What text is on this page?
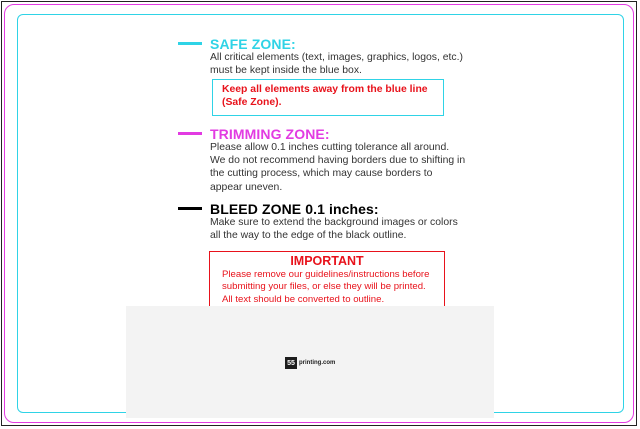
SAFE ZONE:
All critical elements (text, images, graphics, logos, etc.)
must be kept inside the blue box.
Keep all elements away from the blue line
(Safe Zone).
TRIMMING ZONE:
Please allow 0.1 inches cutting tolerance all around.
We do not recommend having borders due to shifting in
the cutting process, which may cause borders to
appear uneven.
BLEED ZONE 0.1 inches:
Make sure to extend the background images or colors
all the way to the edge of the black outline.
IMPORTANT
Please remove our guidelines/instructions before
submitting your files, or else they will be printed.
All text should be converted to outline.
55 printing.com
